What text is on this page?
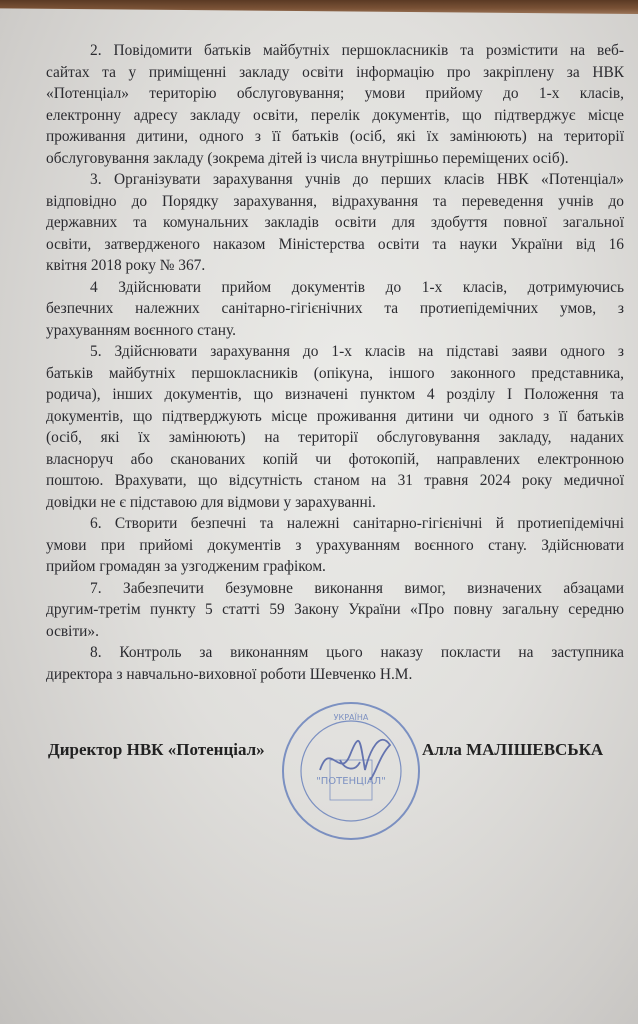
2. Повідомити батьків майбутніх першокласників та розмістити на веб-
сайтах та у приміщенні закладу освіти інформацію про закріплену за НВК
«Потенціал» територію обслуговування; умови прийому до 1-х класів,
електронну адресу закладу освіти, перелік документів, що підтверджує місце
проживання дитини, одного з її батьків (осіб, які їх замінюють) на території
обслуговування закладу (зокрема дітей із числа внутрішньо переміщених осіб).
3. Організувати зарахування учнів до перших класів НВК «Потенціал»
відповідно до Порядку зарахування, відрахування та переведення учнів до
державних та комунальних закладів освіти для здобуття повної загальної
освіти, затвердженого наказом Міністерства освіти та науки України від 16
квітня 2018 року № 367.
4 Здійснювати прийом документів до 1-х класів, дотримуючись
безпечних належних санітарно-гігієнічних та протиепідемічних умов, з
урахуванням воєнного стану.
5. Здійснювати зарахування до 1-х класів на підставі заяви одного з
батьків майбутніх першокласників (опікуна, іншого законного представника,
родича), інших документів, що визначені пунктом 4 розділу І Положення та
документів, що підтверджують місце проживання дитини чи одного з її батьків
(осіб, які їх замінюють) на території обслуговування закладу, наданих
власноруч або сканованих копій чи фотокопій, направлених електронною
поштою. Врахувати, що відсутність станом на 31 травня 2024 року медичної
довідки не є підставою для відмови у зарахуванні.
6. Створити безпечні та належні санітарно-гігієнічні й протиепідемічні
умови при прийомі документів з урахуванням воєнного стану. Здійснювати
прийом громадян за узгодженим графіком.
7. Забезпечити безумовне виконання вимог, визначених абзацами
другим-третім пункту 5 статті 59 Закону України «Про повну загальну середню
освіти».
8. Контроль за виконанням цього наказу покласти на заступника
директора з навчально-виховної роботи Шевченко Н.М.
Директор НВК «Потенціал»	Алла МАЛІШЕВСЬКА
УКРАЇНА
"ПОТЕНЦІАЛ"
